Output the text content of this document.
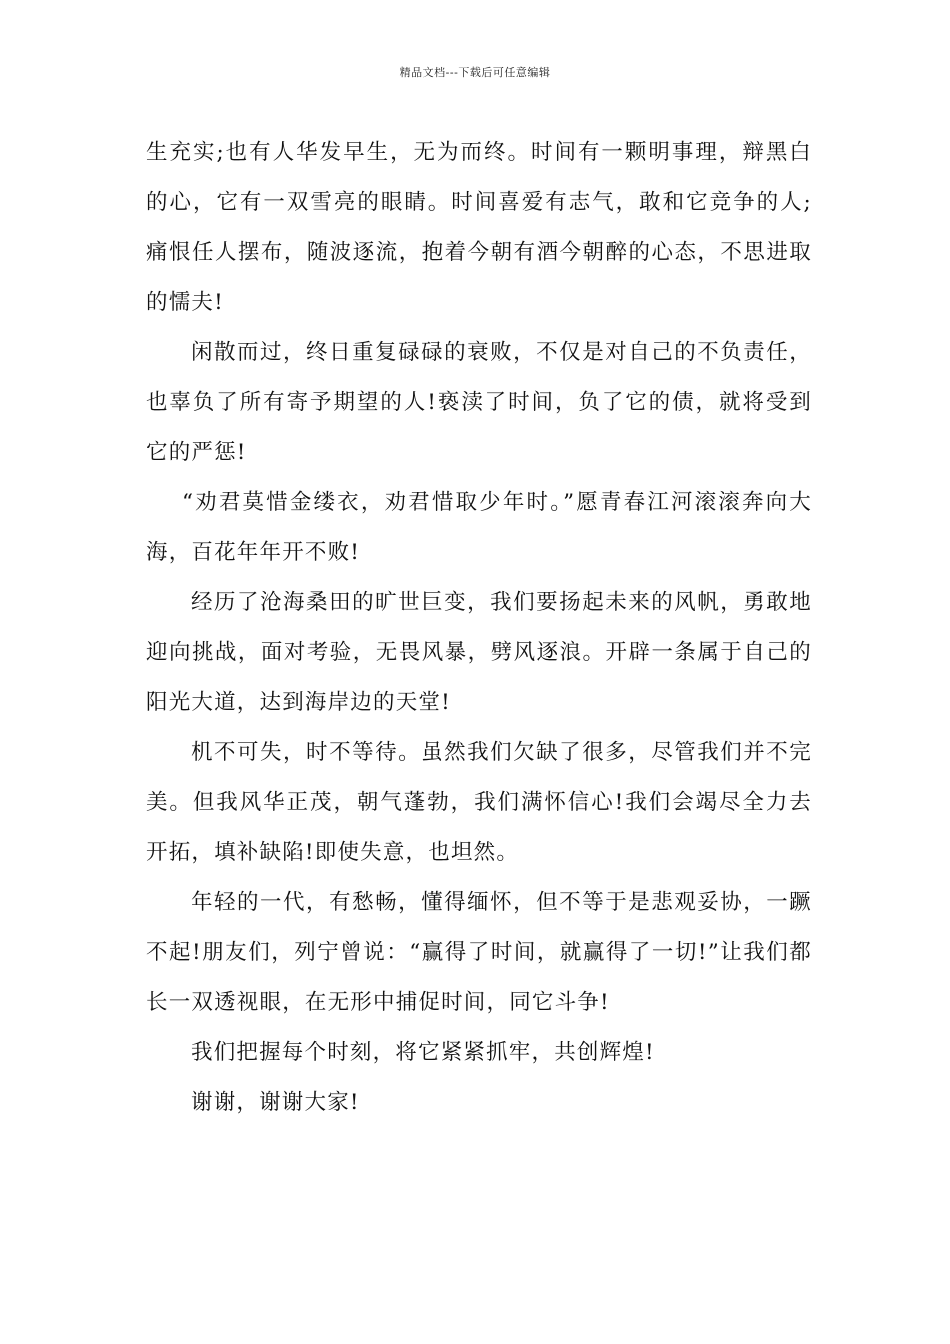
精品文档---下载后可任意编辑

生充实;也有人华发早生，无为而终。时间有一颗明事理，辩黑白的心，它有一双雪亮的眼睛。时间喜爱有志气，敢和它竞争的人;痛恨任人摆布，随波逐流，抱着今朝有酒今朝醉的心态，不思进取的懦夫!

闲散而过，终日重复碌碌的衰败，不仅是对自己的不负责任，也辜负了所有寄予期望的人!亵渎了时间，负了它的债，就将受到它的严惩!

“劝君莫惜金缕衣，劝君惜取少年时。”愿青春江河滚滚奔向大海，百花年年开不败!

经历了沧海桑田的旷世巨变，我们要扬起未来的风帆，勇敢地迎向挑战，面对考验，无畏风暴，劈风逐浪。开辟一条属于自己的阳光大道，达到海岸边的天堂!

机不可失，时不等待。虽然我们欠缺了很多，尽管我们并不完美。但我风华正茂，朝气蓬勃，我们满怀信心!我们会竭尽全力去开拓，填补缺陷!即使失意，也坦然。

年轻的一代，有愁畅，懂得缅怀，但不等于是悲观妥协，一蹶不起!朋友们，列宁曾说：“赢得了时间，就赢得了一切!”让我们都长一双透视眼，在无形中捕促时间，同它斗争!

我们把握每个时刻，将它紧紧抓牢，共创辉煌!

谢谢，谢谢大家!
